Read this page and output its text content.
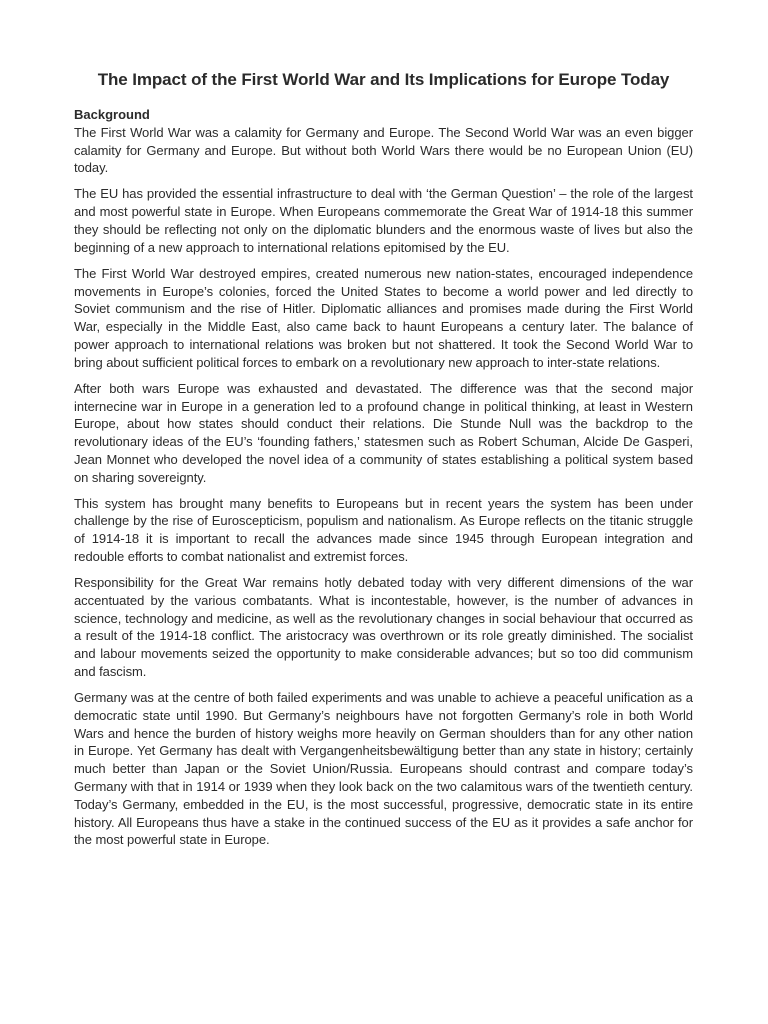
The Impact of the First World War and Its Implications for Europe Today
Background

The First World War was a calamity for Germany and Europe. The Second World War was an even bigger calamity for Germany and Europe. But without both World Wars there would be no European Union (EU) today.

The EU has provided the essential infrastructure to deal with ‘the German Question’ – the role of the largest and most powerful state in Europe. When Europeans commemorate the Great War of 1914-18 this summer they should be reflecting not only on the diplomatic blunders and the enormous waste of lives but also the beginning of a new approach to international relations epitomised by the EU.

The First World War destroyed empires, created numerous new nation-states, encouraged independence movements in Europe’s colonies, forced the United States to become a world power and led directly to Soviet communism and the rise of Hitler. Diplomatic alliances and promises made during the First World War, especially in the Middle East, also came back to haunt Europeans a century later. The balance of power approach to international relations was broken but not shattered. It took the Second World War to bring about sufficient political forces to embark on a revolutionary new approach to inter-state relations.

After both wars Europe was exhausted and devastated. The difference was that the second major internecine war in Europe in a generation led to a profound change in political thinking, at least in Western Europe, about how states should conduct their relations. Die Stunde Null was the backdrop to the revolutionary ideas of the EU’s ‘founding fathers,’ statesmen such as Robert Schuman, Alcide De Gasperi, Jean Monnet who developed the novel idea of a community of states establishing a political system based on sharing sovereignty.

This system has brought many benefits to Europeans but in recent years the system has been under challenge by the rise of Euroscepticism, populism and nationalism. As Europe reflects on the titanic struggle of 1914-18 it is important to recall the advances made since 1945 through European integration and redouble efforts to combat nationalist and extremist forces.

Responsibility for the Great War remains hotly debated today with very different dimensions of the war accentuated by the various combatants. What is incontestable, however, is the number of advances in science, technology and medicine, as well as the revolutionary changes in social behaviour that occurred as a result of the 1914-18 conflict. The aristocracy was overthrown or its role greatly diminished. The socialist and labour movements seized the opportunity to make considerable advances; but so too did communism and fascism.

Germany was at the centre of both failed experiments and was unable to achieve a peaceful unification as a democratic state until 1990. But Germany’s neighbours have not forgotten Germany’s role in both World Wars and hence the burden of history weighs more heavily on German shoulders than for any other nation in Europe. Yet Germany has dealt with Vergangenheitsbewältigung better than any state in history; certainly much better than Japan or the Soviet Union/Russia. Europeans should contrast and compare today’s Germany with that in 1914 or 1939 when they look back on the two calamitous wars of the twentieth century. Today’s Germany, embedded in the EU, is the most successful, progressive, democratic state in its entire history. All Europeans thus have a stake in the continued success of the EU as it provides a safe anchor for the most powerful state in Europe.
